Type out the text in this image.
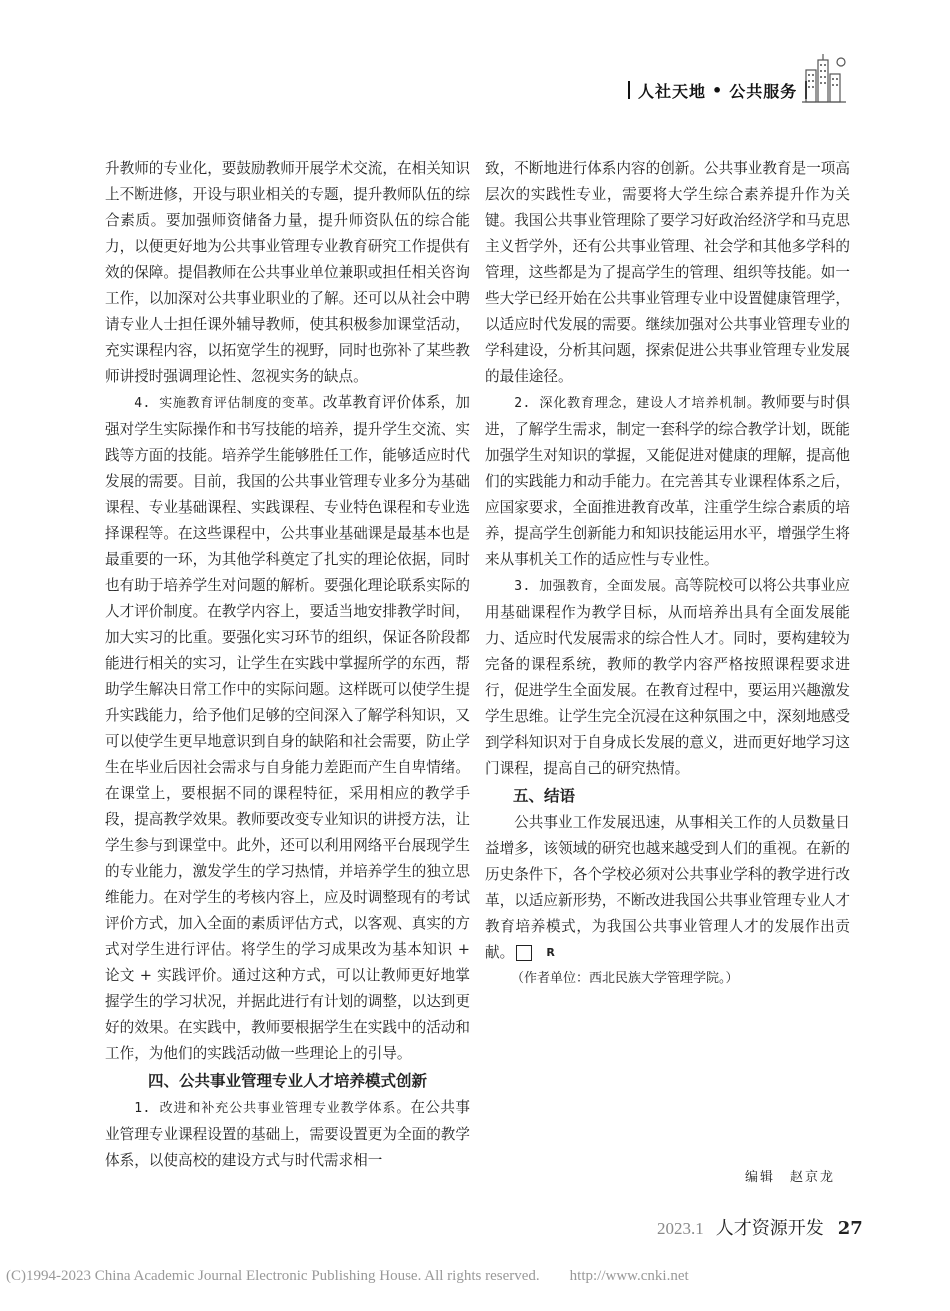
人社天地 • 公共服务

升教师的专业化，要鼓励教师开展学术交流，在相关知识上不断进修，开设与职业相关的专题，提升教师队伍的综合素质。要加强师资储备力量，提升师资队伍的综合能力，以便更好地为公共事业管理专业教育研究工作提供有效的保障。提倡教师在公共事业单位兼职或担任相关咨询工作，以加深对公共事业职业的了解。还可以从社会中聘请专业人士担任课外辅导教师，使其积极参加课堂活动，充实课程内容，以拓宽学生的视野，同时也弥补了某些教师讲授时强调理论性、忽视实务的缺点。

4. 实施教育评估制度的变革。改革教育评价体系，加强对学生实际操作和书写技能的培养，提升学生交流、实践等方面的技能。培养学生能够胜任工作，能够适应时代发展的需要。目前，我国的公共事业管理专业多分为基础课程、专业基础课程、实践课程、专业特色课程和专业选择课程等。在这些课程中，公共事业基础课是最基本也是最重要的一环，为其他学科奠定了扎实的理论依据，同时也有助于培养学生对问题的解析。要强化理论联系实际的人才评价制度。在教学内容上，要适当地安排教学时间，加大实习的比重。要强化实习环节的组织，保证各阶段都能进行相关的实习，让学生在实践中掌握所学的东西，帮助学生解决日常工作中的实际问题。这样既可以使学生提升实践能力，给予他们足够的空间深入了解学科知识，又可以使学生更早地意识到自身的缺陷和社会需要，防止学生在毕业后因社会需求与自身能力差距而产生自卑情绪。在课堂上，要根据不同的课程特征，采用相应的教学手段，提高教学效果。教师要改变专业知识的讲授方法，让学生参与到课堂中。此外，还可以利用网络平台展现学生的专业能力，激发学生的学习热情，并培养学生的独立思维能力。在对学生的考核内容上，应及时调整现有的考试评价方式，加入全面的素质评估方式，以客观、真实的方式对学生进行评估。将学生的学习成果改为基本知识 + 论文 + 实践评价。通过这种方式，可以让教师更好地掌握学生的学习状况，并据此进行有计划的调整，以达到更好的效果。在实践中，教师要根据学生在实践中的活动和工作，为他们的实践活动做一些理论上的引导。

四、公共事业管理专业人才培养模式创新

1. 改进和补充公共事业管理专业教学体系。在公共事业管理专业课程设置的基础上，需要设置更为全面的教学体系，以使高校的建设方式与时代需求相一

致，不断地进行体系内容的创新。公共事业教育是一项高层次的实践性专业，需要将大学生综合素养提升作为关键。我国公共事业管理除了要学习好政治经济学和马克思主义哲学外，还有公共事业管理、社会学和其他多学科的管理，这些都是为了提高学生的管理、组织等技能。如一些大学已经开始在公共事业管理专业中设置健康管理学，以适应时代发展的需要。继续加强对公共事业管理专业的学科建设，分析其问题，探索促进公共事业管理专业发展的最佳途径。

2. 深化教育理念，建设人才培养机制。教师要与时俱进，了解学生需求，制定一套科学的综合教学计划，既能加强学生对知识的掌握，又能促进对健康的理解，提高他们的实践能力和动手能力。在完善其专业课程体系之后，应国家要求，全面推进教育改革，注重学生综合素质的培养，提高学生创新能力和知识技能运用水平，增强学生将来从事机关工作的适应性与专业性。

3. 加强教育，全面发展。高等院校可以将公共事业应用基础课程作为教学目标，从而培养出具有全面发展能力、适应时代发展需求的综合性人才。同时，要构建较为完备的课程系统，教师的教学内容严格按照课程要求进行，促进学生全面发展。在教育过程中，要运用兴趣激发学生思维。让学生完全沉浸在这种氛围之中，深刻地感受到学科知识对于自身成长发展的意义，进而更好地学习这门课程，提高自己的研究热情。

五、结语

公共事业工作发展迅速，从事相关工作的人员数量日益增多，该领域的研究也越来越受到人们的重视。在新的历史条件下，各个学校必须对公共事业学科的教学进行改革，以适应新形势，不断改进我国公共事业管理专业人才教育培养模式，为我国公共事业管理人才的发展作出贡献。	R

（作者单位：西北民族大学管理学院。）

编辑　赵京龙
2023.1 人才资源开发 27
(C)1994-2023 China Academic Journal Electronic Publishing House. All rights reserved.　　http://www.cnki.net
